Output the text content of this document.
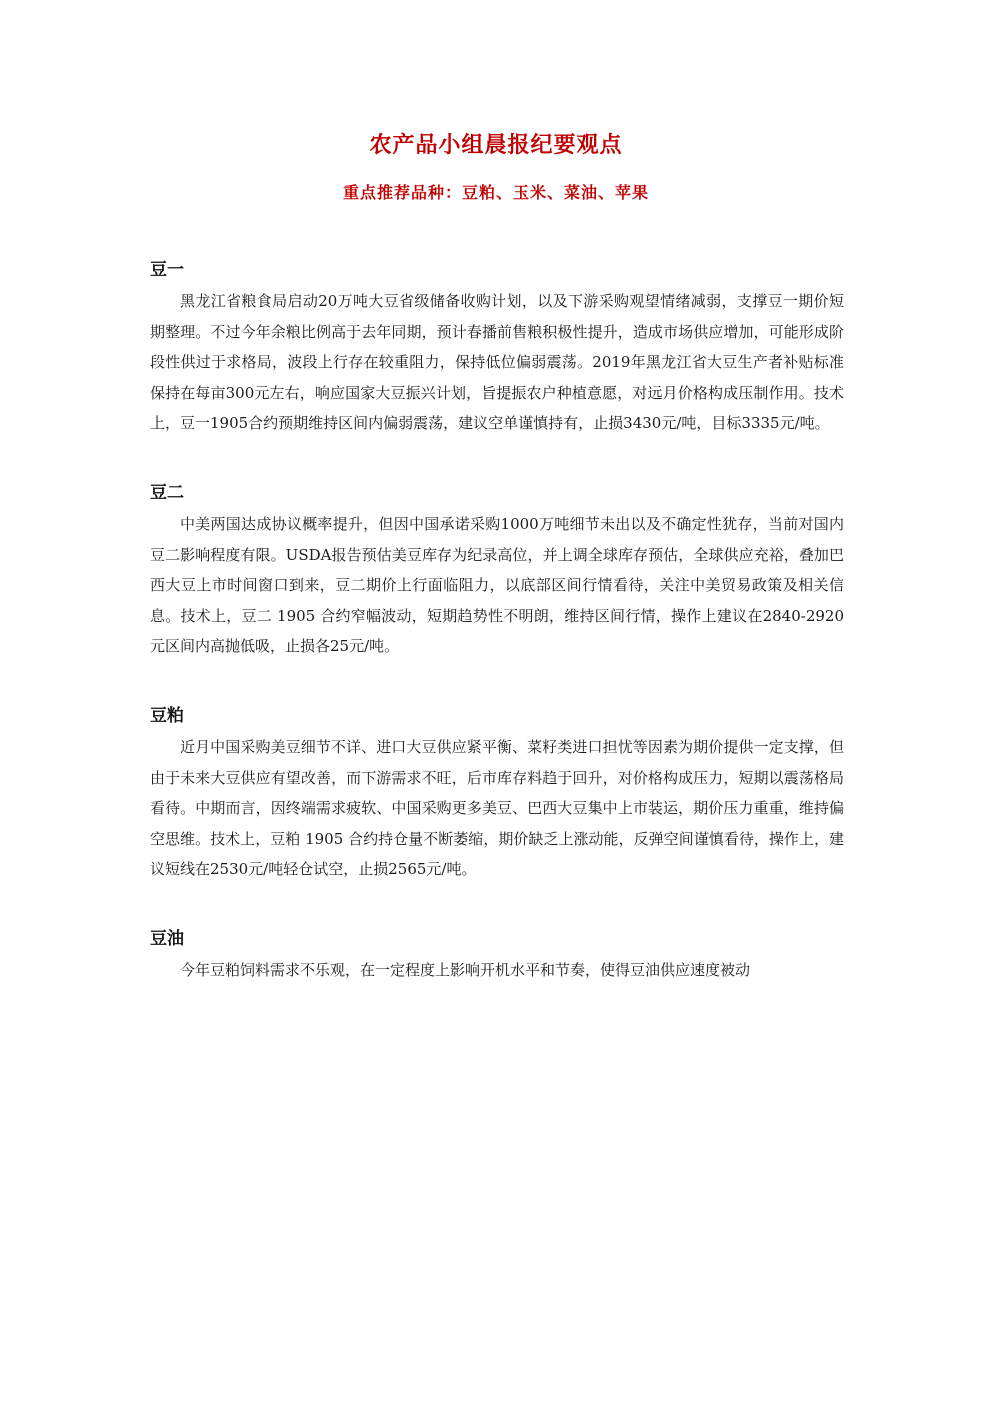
农产品小组晨报纪要观点
重点推荐品种：豆粕、玉米、菜油、苹果
豆一

黑龙江省粮食局启动20万吨大豆省级储备收购计划，以及下游采购观望情绪减弱，支撑豆一期价短期整理。不过今年余粮比例高于去年同期，预计春播前售粮积极性提升，造成市场供应增加，可能形成阶段性供过于求格局，波段上行存在较重阻力，保持低位偏弱震荡。2019年黑龙江省大豆生产者补贴标准保持在每亩300元左右，响应国家大豆振兴计划，旨提振农户种植意愿，对远月价格构成压制作用。技术上，豆一1905合约预期维持区间内偏弱震荡，建议空单谨慎持有，止损3430元/吨，目标3335元/吨。

豆二

中美两国达成协议概率提升，但因中国承诺采购1000万吨细节未出以及不确定性犹存，当前对国内豆二影响程度有限。USDA报告预估美豆库存为纪录高位，并上调全球库存预估，全球供应充裕，叠加巴西大豆上市时间窗口到来，豆二期价上行面临阻力，以底部区间行情看待，关注中美贸易政策及相关信息。技术上，豆二 1905 合约窄幅波动，短期趋势性不明朗，维持区间行情，操作上建议在2840-2920元区间内高抛低吸，止损各25元/吨。

豆粕

近月中国采购美豆细节不详、进口大豆供应紧平衡、菜籽类进口担忧等因素为期价提供一定支撑，但由于未来大豆供应有望改善，而下游需求不旺，后市库存料趋于回升，对价格构成压力，短期以震荡格局看待。中期而言，因终端需求疲软、中国采购更多美豆、巴西大豆集中上市装运，期价压力重重，维持偏空思维。技术上，豆粕 1905 合约持仓量不断萎缩，期价缺乏上涨动能，反弹空间谨慎看待，操作上，建议短线在2530元/吨轻仓试空，止损2565元/吨。

豆油

今年豆粕饲料需求不乐观，在一定程度上影响开机水平和节奏，使得豆油供应速度被动
